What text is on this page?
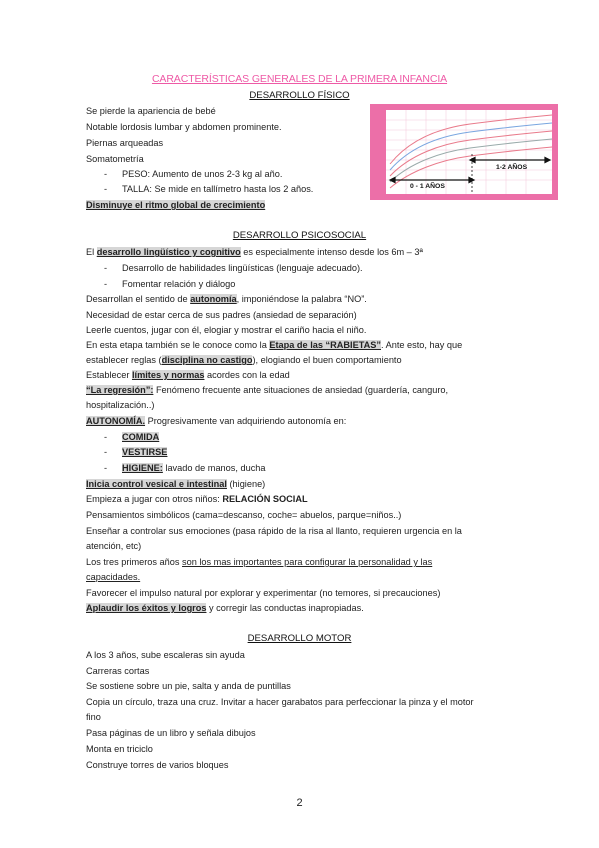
CARACTERÍSTICAS GENERALES DE LA PRIMERA INFANCIA
DESARROLLO FÍSICO
Se pierde la apariencia de bebé
Notable lordosis lumbar y abdomen prominente.
Piernas arqueadas
Somatometría
- PESO: Aumento de unos 2-3 kg al año.
- TALLA: Se mide en tallímetro hasta los 2 años.
Disminuye el ritmo global de crecimiento
0 - 1 AÑOS
1-2 AÑOS
DESARROLLO PSICOSOCIAL
El desarrollo lingüístico y cognitivo es especialmente intenso desde los 6m – 3ª
- Desarrollo de habilidades lingüísticas (lenguaje adecuado).
- Fomentar relación y diálogo
Desarrollan el sentido de autonomía, imponiéndose la palabra “NO”.
Necesidad de estar cerca de sus padres (ansiedad de separación)
Leerle cuentos, jugar con él, elogiar y mostrar el cariño hacia el niño.
En esta etapa también se le conoce como la Etapa de las “RABIETAS”. Ante esto, hay que
establecer reglas (disciplina no castigo), elogiando el buen comportamiento
Establecer límites y normas acordes con la edad
“La regresión”: Fenómeno frecuente ante situaciones de ansiedad (guardería, canguro,
hospitalización..)
AUTONOMÍA. Progresivamente van adquiriendo autonomía en:
- COMIDA
- VESTIRSE
- HIGIENE: lavado de manos, ducha
Inicia control vesical e intestinal (higiene)
Empieza a jugar con otros niños: RELACIÓN SOCIAL
Pensamientos simbólicos (cama=descanso, coche= abuelos, parque=niños..)
Enseñar a controlar sus emociones (pasa rápido de la risa al llanto, requieren urgencia en la
atención, etc)
Los tres primeros años son los mas importantes para configurar la personalidad y las
capacidades.
Favorecer el impulso natural por explorar y experimentar (no temores, si precauciones)
Aplaudir los éxitos y logros y corregir las conductas inapropiadas.
DESARROLLO MOTOR
A los 3 años, sube escaleras sin ayuda
Carreras cortas
Se sostiene sobre un pie, salta y anda de puntillas
Copia un círculo, traza una cruz. Invitar a hacer garabatos para perfeccionar la pinza y el motor
fino
Pasa páginas de un libro y señala dibujos
Monta en triciclo
Construye torres de varios bloques
2
